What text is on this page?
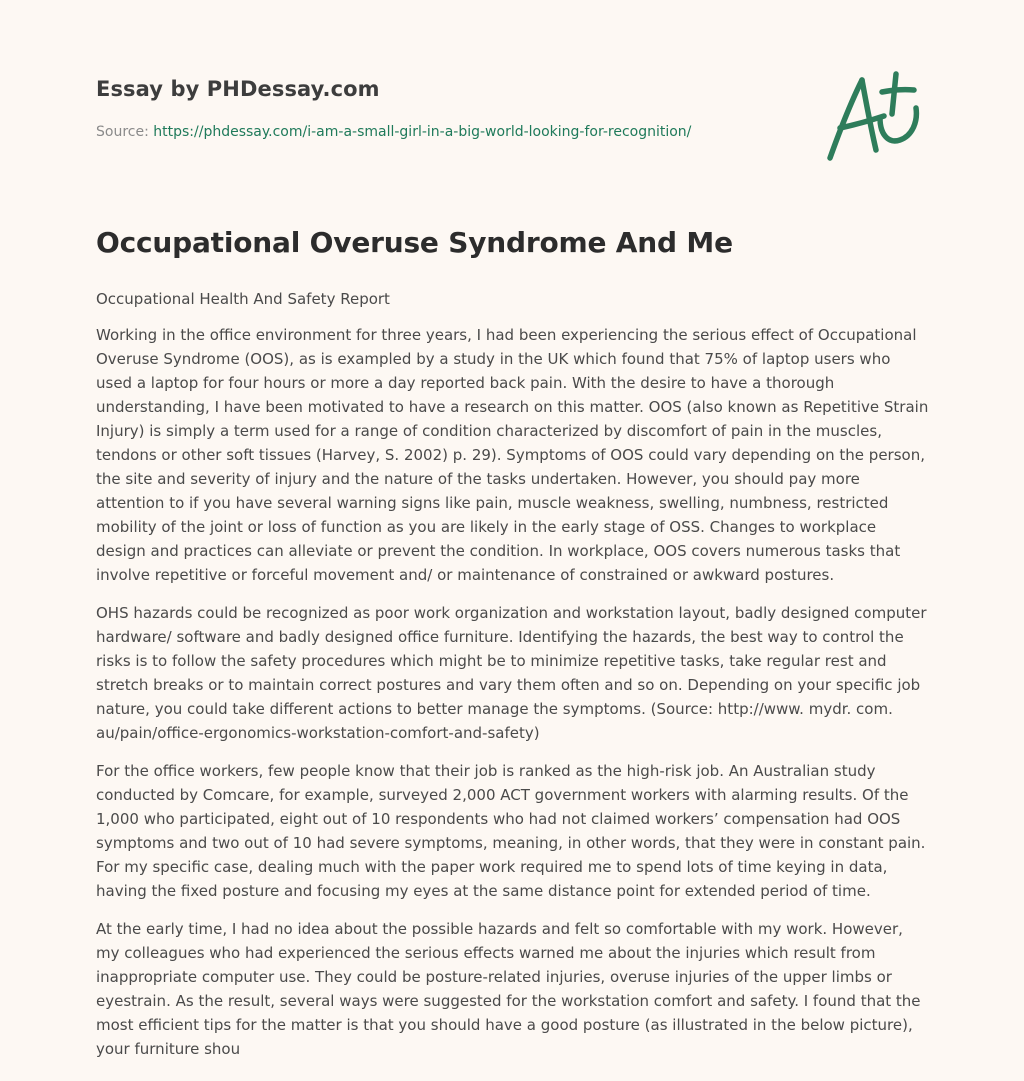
Essay by PHDessay.com
Source: https://phdessay.com/i-am-a-small-girl-in-a-big-world-looking-for-recognition/
Occupational Overuse Syndrome And Me

Occupational Health And Safety Report

Working in the office environment for three years, I had been experiencing the serious effect of Occupational Overuse Syndrome (OOS), as is exampled by a study in the UK which found that 75% of laptop users who used a laptop for four hours or more a day reported back pain. With the desire to have a thorough understanding, I have been motivated to have a research on this matter. OOS (also known as Repetitive Strain Injury) is simply a term used for a range of condition characterized by discomfort of pain in the muscles, tendons or other soft tissues (Harvey, S. 2002) p. 29). Symptoms of OOS could vary depending on the person, the site and severity of injury and the nature of the tasks undertaken. However, you should pay more attention to if you have several warning signs like pain, muscle weakness, swelling, numbness, restricted mobility of the joint or loss of function as you are likely in the early stage of OSS. Changes to workplace design and practices can alleviate or prevent the condition. In workplace, OOS covers numerous tasks that involve repetitive or forceful movement and/ or maintenance of constrained or awkward postures.

OHS hazards could be recognized as poor work organization and workstation layout, badly designed computer hardware/ software and badly designed office furniture. Identifying the hazards, the best way to control the risks is to follow the safety procedures which might be to minimize repetitive tasks, take regular rest and stretch breaks or to maintain correct postures and vary them often and so on. Depending on your specific job nature, you could take different actions to better manage the symptoms. (Source: http://www. mydr. com. au/pain/office-ergonomics-workstation-comfort-and-safety)

For the office workers, few people know that their job is ranked as the high-risk job. An Australian study conducted by Comcare, for example, surveyed 2,000 ACT government workers with alarming results. Of the 1,000 who participated, eight out of 10 respondents who had not claimed workers’ compensation had OOS symptoms and two out of 10 had severe symptoms, meaning, in other words, that they were in constant pain. For my specific case, dealing much with the paper work required me to spend lots of time keying in data, having the fixed posture and focusing my eyes at the same distance point for extended period of time.

At the early time, I had no idea about the possible hazards and felt so comfortable with my work. However, my colleagues who had experienced the serious effects warned me about the injuries which result from inappropriate computer use. They could be posture-related injuries, overuse injuries of the upper limbs or eyestrain. As the result, several ways were suggested for the workstation comfort and safety. I found that the most efficient tips for the matter is that you should have a good posture (as illustrated in the below picture), your furniture shou
